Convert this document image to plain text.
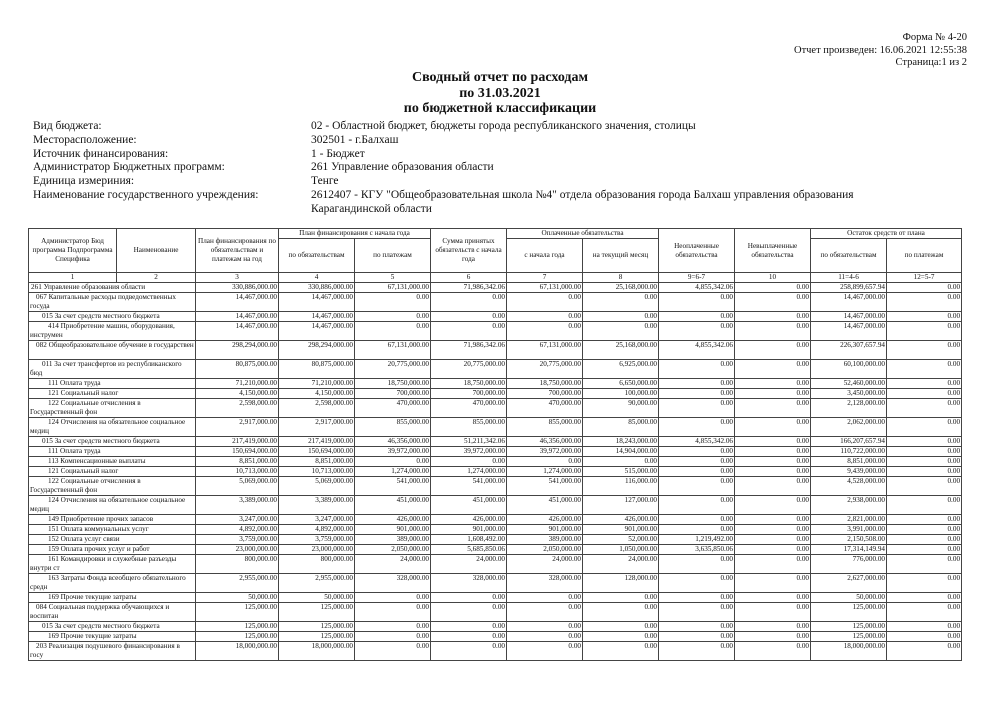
Форма № 4-20
Отчет произведен: 16.06.2021 12:55:38
Страница:1 из 2
Сводный отчет по расходам
по 31.03.2021
по бюджетной классификации
Вид бюджета:	02 - Областной бюджет, бюджеты города республиканского значения, столицы
Месторасположение:	302501 - г.Балхаш
Источник финансирования:	1 - Бюджет
Администратор Бюджетных программ:	261 Управление образования области
Единица измериния:	Тенге
Наименование государственного учреждения:	2612407 - КГУ "Общеобразовательная школа №4" отдела образования города Балхаш управления образования Карагандинской области
Администратор Бюд программа Подпрограмма Специфика	Наименование	План финансирования по обязательствам и платежам на год	План финансирования с начала года		Сумма принятых обязательств с начала года	Оплаченные обязательства		Неоплаченные обязательства	Невыплаченные обязательства	Остаток средств от плана	
			по обязательствам	по платежам		с начала года	на текущий месяц			по обязательствам	по платежам
1	2	3	4	5	6	7	8	9=6-7	10	11=4-6	12=5-7
261 Управление образования области		330,886,000.00	330,886,000.00	67,131,000.00	71,986,342.06	67,131,000.00	25,168,000.00	4,855,342.06	0.00	258,899,657.94	0.00
067 Капитальные расходы подведомственных госуда		14,467,000.00	14,467,000.00	0.00	0.00	0.00	0.00	0.00	0.00	14,467,000.00	0.00
015 За счет средств местного бюджета		14,467,000.00	14,467,000.00	0.00	0.00	0.00	0.00	0.00	0.00	14,467,000.00	0.00
414 Приобретение машин, оборудования, инструмен		14,467,000.00	14,467,000.00	0.00	0.00	0.00	0.00	0.00	0.00	14,467,000.00	0.00
082 Общеобразовательное обучение в государствен		298,294,000.00	298,294,000.00	67,131,000.00	71,986,342.06	67,131,000.00	25,168,000.00	4,855,342.06	0.00	226,307,657.94	0.00
011 За счет трансфертов из республиканского бюд		80,875,000.00	80,875,000.00	20,775,000.00	20,775,000.00	20,775,000.00	6,925,000.00	0.00	0.00	60,100,000.00	0.00
111 Оплата труда		71,210,000.00	71,210,000.00	18,750,000.00	18,750,000.00	18,750,000.00	6,650,000.00	0.00	0.00	52,460,000.00	0.00
121 Социальный налог		4,150,000.00	4,150,000.00	700,000.00	700,000.00	700,000.00	100,000.00	0.00	0.00	3,450,000.00	0.00
122 Социальные отчисления в Государственный фон		2,598,000.00	2,598,000.00	470,000.00	470,000.00	470,000.00	90,000.00	0.00	0.00	2,128,000.00	0.00
124 Отчисления на обязательное социальное медиц		2,917,000.00	2,917,000.00	855,000.00	855,000.00	855,000.00	85,000.00	0.00	0.00	2,062,000.00	0.00
015 За счет средств местного бюджета		217,419,000.00	217,419,000.00	46,356,000.00	51,211,342.06	46,356,000.00	18,243,000.00	4,855,342.06	0.00	166,207,657.94	0.00
111 Оплата труда		150,694,000.00	150,694,000.00	39,972,000.00	39,972,000.00	39,972,000.00	14,904,000.00	0.00	0.00	110,722,000.00	0.00
113 Компенсационные выплаты		8,851,000.00	8,851,000.00	0.00	0.00	0.00	0.00	0.00	0.00	8,851,000.00	0.00
121 Социальный налог		10,713,000.00	10,713,000.00	1,274,000.00	1,274,000.00	1,274,000.00	515,000.00	0.00	0.00	9,439,000.00	0.00
122 Социальные отчисления в Государственный фон		5,069,000.00	5,069,000.00	541,000.00	541,000.00	541,000.00	116,000.00	0.00	0.00	4,528,000.00	0.00
124 Отчисления на обязательное социальное медиц		3,389,000.00	3,389,000.00	451,000.00	451,000.00	451,000.00	127,000.00	0.00	0.00	2,938,000.00	0.00
149 Приобретение прочих запасов		3,247,000.00	3,247,000.00	426,000.00	426,000.00	426,000.00	426,000.00	0.00	0.00	2,821,000.00	0.00
151 Оплата коммунальных услуг		4,892,000.00	4,892,000.00	901,000.00	901,000.00	901,000.00	901,000.00	0.00	0.00	3,991,000.00	0.00
152 Оплата услуг связи		3,759,000.00	3,759,000.00	389,000.00	1,608,492.00	389,000.00	52,000.00	1,219,492.00	0.00	2,150,508.00	0.00
159 Оплата прочих услуг и работ		23,000,000.00	23,000,000.00	2,050,000.00	5,685,850.06	2,050,000.00	1,050,000.00	3,635,850.06	0.00	17,314,149.94	0.00
161 Командировки и служебные разъезды внутри ст		800,000.00	800,000.00	24,000.00	24,000.00	24,000.00	24,000.00	0.00	0.00	776,000.00	0.00
163 Затраты Фонда всеобщего обязательного средн		2,955,000.00	2,955,000.00	328,000.00	328,000.00	328,000.00	128,000.00	0.00	0.00	2,627,000.00	0.00
169 Прочие текущие затраты		50,000.00	50,000.00	0.00	0.00	0.00	0.00	0.00	0.00	50,000.00	0.00
084 Социальная поддержка обучающихся и воспитан		125,000.00	125,000.00	0.00	0.00	0.00	0.00	0.00	0.00	125,000.00	0.00
015 За счет средств местного бюджета		125,000.00	125,000.00	0.00	0.00	0.00	0.00	0.00	0.00	125,000.00	0.00
169 Прочие текущие затраты		125,000.00	125,000.00	0.00	0.00	0.00	0.00	0.00	0.00	125,000.00	0.00
203 Реализация подушевого финансирования в госу		18,000,000.00	18,000,000.00	0.00	0.00	0.00	0.00	0.00	0.00	18,000,000.00	0.00
